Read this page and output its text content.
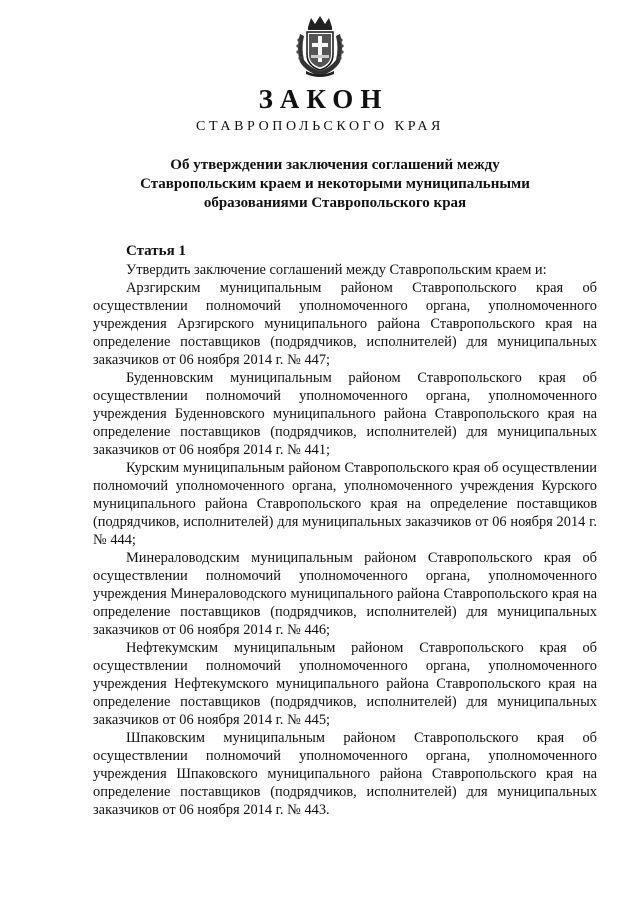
ЗАКОН
СТАВРОПОЛЬСКОГО КРАЯ
Об утверждении заключения соглашений между
Ставропольским краем и некоторыми муниципальными
образованиями Ставропольского края
Статья 1

Утвердить заключение соглашений между Ставропольским краем и:

Арзгирским муниципальным районом Ставропольского края об осуществлении полномочий уполномоченного органа, уполномоченного учреждения Арзгирского муниципального района Ставропольского края на определение поставщиков (подрядчиков, исполнителей) для муниципальных заказчиков от 06 ноября 2014 г. № 447;

Буденновским муниципальным районом Ставропольского края об осуществлении полномочий уполномоченного органа, уполномоченного учреждения Буденновского муниципального района Ставропольского края на определение поставщиков (подрядчиков, исполнителей) для муниципальных заказчиков от 06 ноября 2014 г. № 441;

Курским муниципальным районом Ставропольского края об осуществлении полномочий уполномоченного органа, уполномоченного учреждения Курского муниципального района Ставропольского края на определение поставщиков (подрядчиков, исполнителей) для муниципальных заказчиков от 06 ноября 2014 г. № 444;

Минераловодским муниципальным районом Ставропольского края об осуществлении полномочий уполномоченного органа, уполномоченного учреждения Минераловодского муниципального района Ставропольского края на определение поставщиков (подрядчиков, исполнителей) для муниципальных заказчиков от 06 ноября 2014 г. № 446;

Нефтекумским муниципальным районом Ставропольского края об осуществлении полномочий уполномоченного органа, уполномоченного учреждения Нефтекумского муниципального района Ставропольского края на определение поставщиков (подрядчиков, исполнителей) для муниципальных заказчиков от 06 ноября 2014 г. № 445;

Шпаковским муниципальным районом Ставропольского края об осуществлении полномочий уполномоченного органа, уполномоченного учреждения Шпаковского муниципального района Ставропольского края на определение поставщиков (подрядчиков, исполнителей) для муниципальных заказчиков от 06 ноября 2014 г. № 443.
